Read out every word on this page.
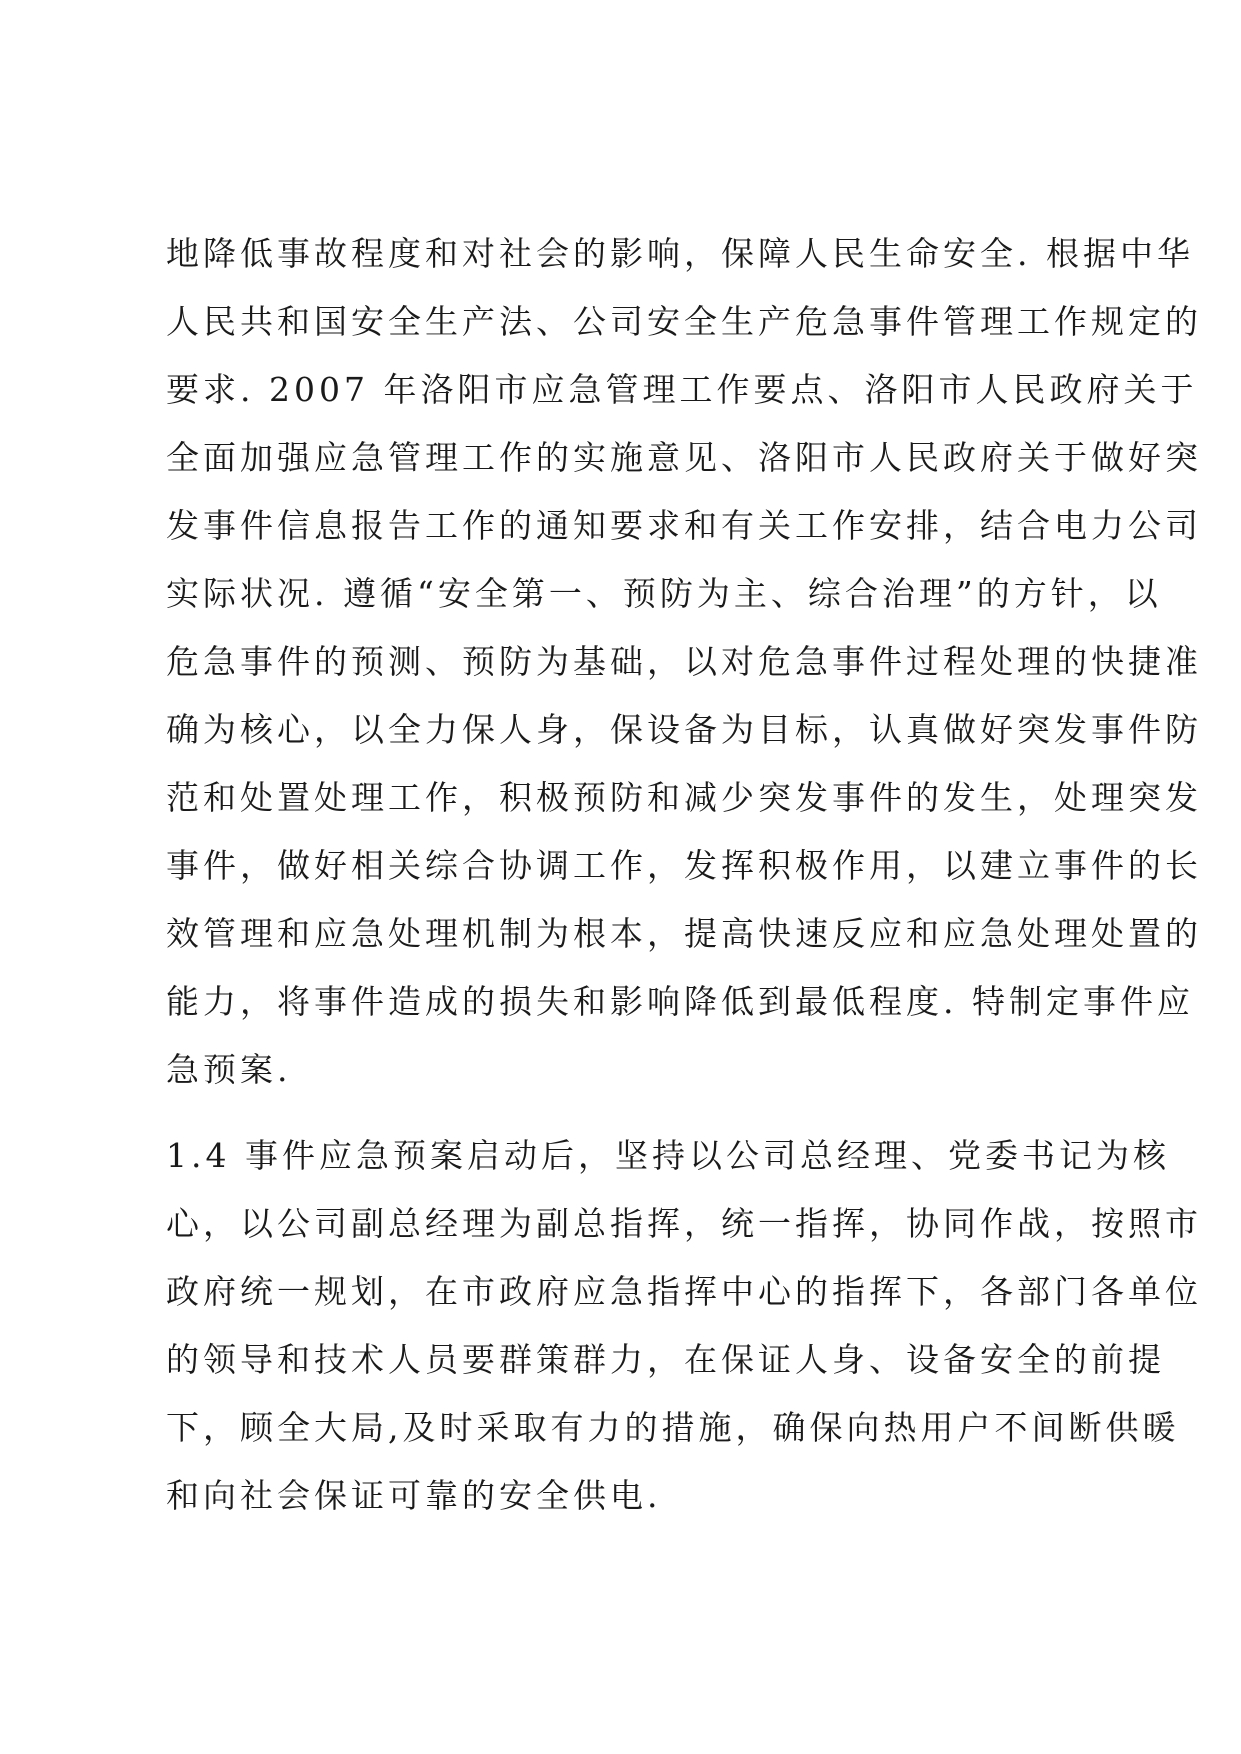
地降低事故程度和对社会的影响，保障人民生命安全. 根据中华
人民共和国安全生产法、公司安全生产危急事件管理工作规定的
要求. 2007 年洛阳市应急管理工作要点、洛阳市人民政府关于
全面加强应急管理工作的实施意见、洛阳市人民政府关于做好突
发事件信息报告工作的通知要求和有关工作安排，结合电力公司
实际状况. 遵循“安全第一、预防为主、综合治理”的方针，以
危急事件的预测、预防为基础，以对危急事件过程处理的快捷准
确为核心，以全力保人身，保设备为目标，认真做好突发事件防
范和处置处理工作，积极预防和减少突发事件的发生，处理突发
事件，做好相关综合协调工作，发挥积极作用，以建立事件的长
效管理和应急处理机制为根本，提高快速反应和应急处理处置的
能力，将事件造成的损失和影响降低到最低程度. 特制定事件应
急预案.
1.4 事件应急预案启动后，坚持以公司总经理、党委书记为核
心，以公司副总经理为副总指挥，统一指挥，协同作战，按照市
政府统一规划，在市政府应急指挥中心的指挥下，各部门各单位
的领导和技术人员要群策群力，在保证人身、设备安全的前提
下，顾全大局,及时采取有力的措施，确保向热用户不间断供暖
和向社会保证可靠的安全供电.
